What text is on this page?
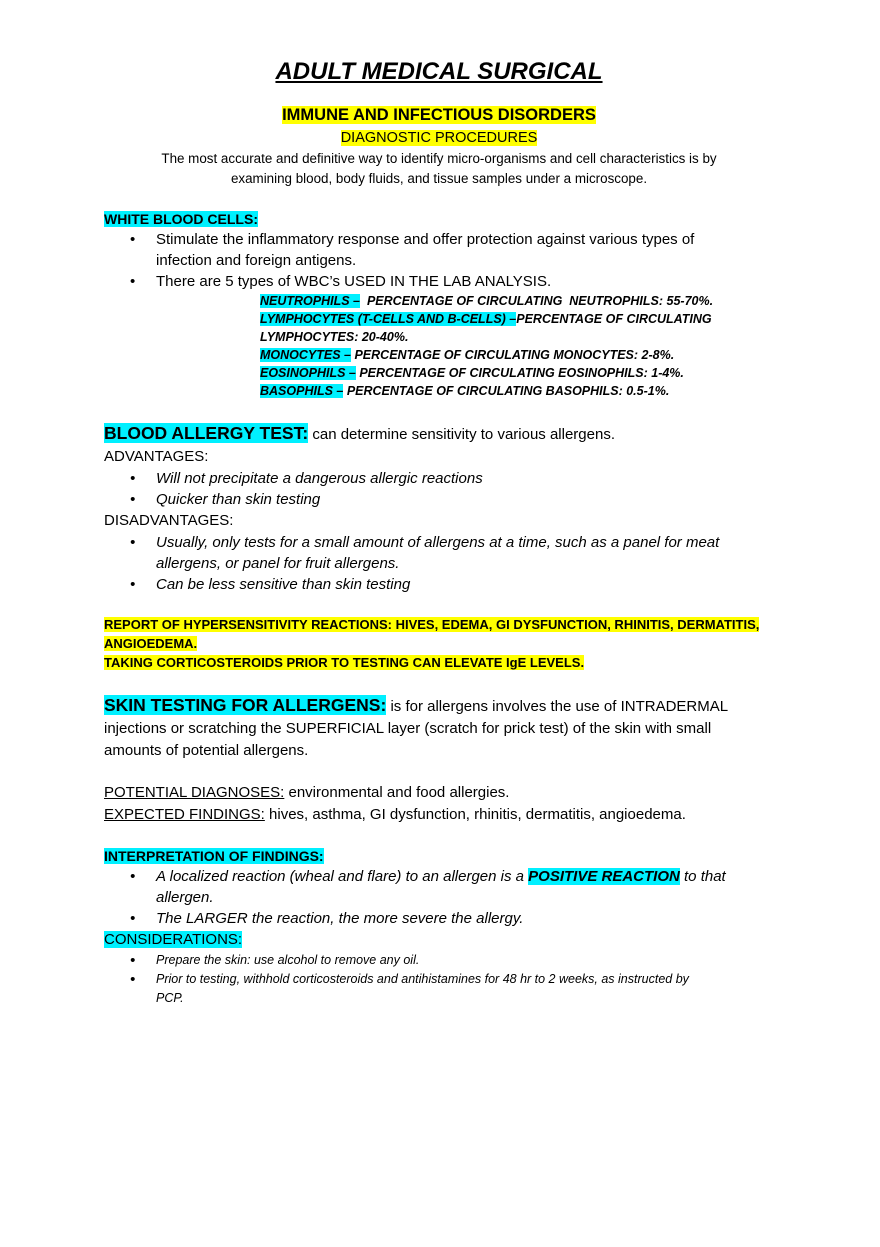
ADULT MEDICAL SURGICAL
IMMUNE AND INFECTIOUS DISORDERS
DIAGNOSTIC PROCEDURES
The most accurate and definitive way to identify micro-organisms and cell characteristics is by
examining blood, body fluids, and tissue samples under a microscope.
WHITE BLOOD CELLS:
• Stimulate the inflammatory response and offer protection against various types of
infection and foreign antigens.
• There are 5 types of WBC’s USED IN THE LAB ANALYSIS.
NEUTROPHILS –  PERCENTAGE OF CIRCULATING  NEUTROPHILS: 55-70%.
LYMPHOCYTES (T-CELLS AND B-CELLS) –PERCENTAGE OF CIRCULATING
LYMPHOCYTES: 20-40%.
MONOCYTES – PERCENTAGE OF CIRCULATING MONOCYTES: 2-8%.
EOSINOPHILS – PERCENTAGE OF CIRCULATING EOSINOPHILS: 1-4%.
BASOPHILS – PERCENTAGE OF CIRCULATING BASOPHILS: 0.5-1%.
BLOOD ALLERGY TEST: can determine sensitivity to various allergens.
ADVANTAGES:
• Will not precipitate a dangerous allergic reactions
• Quicker than skin testing
DISADVANTAGES:
• Usually, only tests for a small amount of allergens at a time, such as a panel for meat
allergens, or panel for fruit allergens.
• Can be less sensitive than skin testing
REPORT OF HYPERSENSITIVITY REACTIONS: HIVES, EDEMA, GI DYSFUNCTION, RHINITIS, DERMATITIS,
ANGIOEDEMA.
TAKING CORTICOSTEROIDS PRIOR TO TESTING CAN ELEVATE IgE LEVELS.
SKIN TESTING FOR ALLERGENS: is for allergens involves the use of INTRADERMAL
injections or scratching the SUPERFICIAL layer (scratch for prick test) of the skin with small
amounts of potential allergens.
POTENTIAL DIAGNOSES: environmental and food allergies.
EXPECTED FINDINGS: hives, asthma, GI dysfunction, rhinitis, dermatitis, angioedema.
INTERPRETATION OF FINDINGS:
• A localized reaction (wheal and flare) to an allergen is a POSITIVE REACTION to that
allergen.
• The LARGER the reaction, the more severe the allergy.
CONSIDERATIONS:
• Prepare the skin: use alcohol to remove any oil.
• Prior to testing, withhold corticosteroids and antihistamines for 48 hr to 2 weeks, as instructed by
PCP.
